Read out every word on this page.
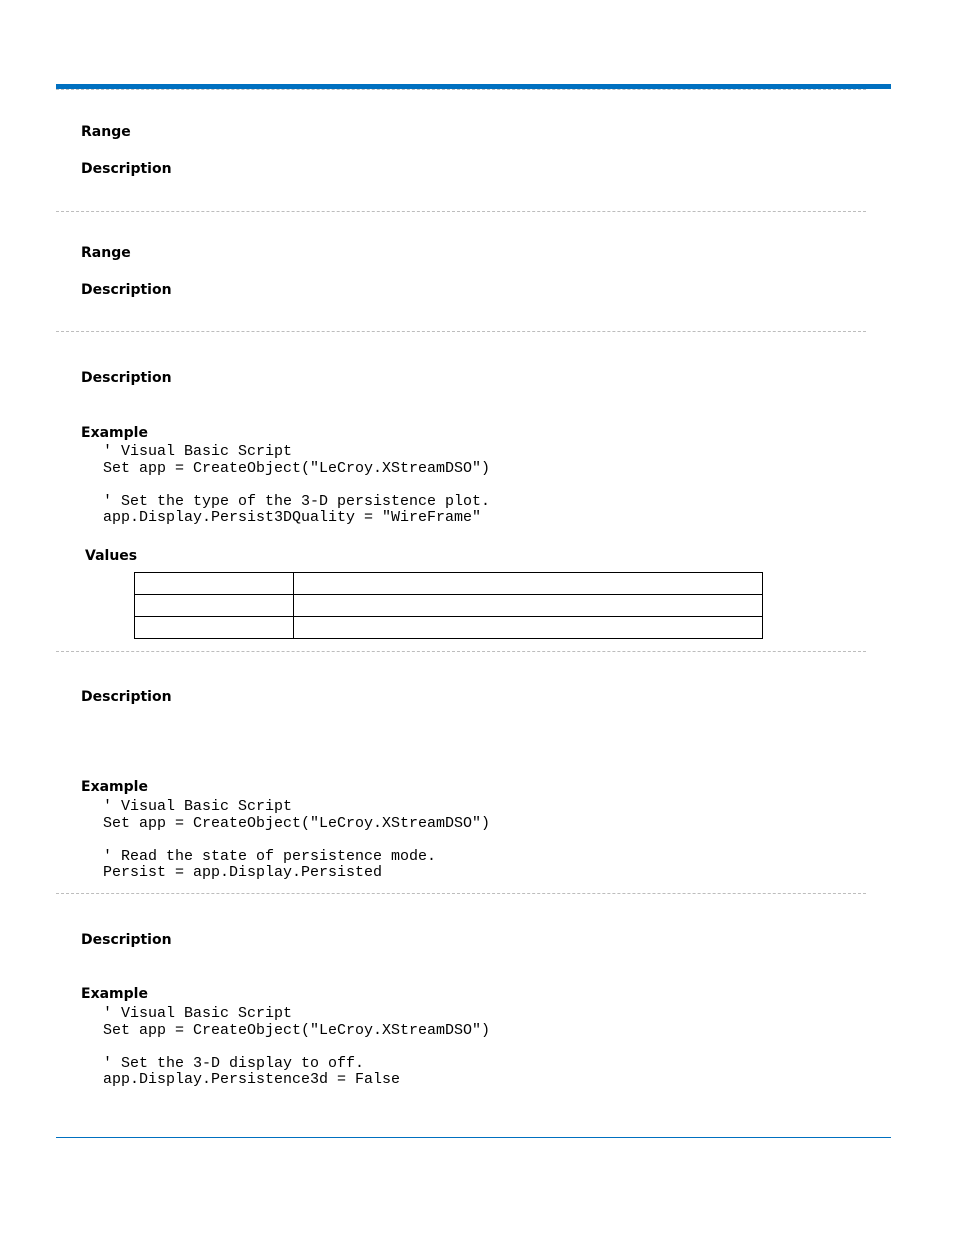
Range
Description
Range
Description
Description
Example
' Visual Basic Script
Set app = CreateObject("LeCroy.XStreamDSO")
' Set the type of the 3-D persistence plot.
app.Display.Persist3DQuality = "WireFrame"
Values

Description
Example
' Visual Basic Script
Set app = CreateObject("LeCroy.XStreamDSO")
' Read the state of persistence mode.
Persist = app.Display.Persisted
Description
Example
' Visual Basic Script
Set app = CreateObject("LeCroy.XStreamDSO")
' Set the 3-D display to off.
app.Display.Persistence3d = False
